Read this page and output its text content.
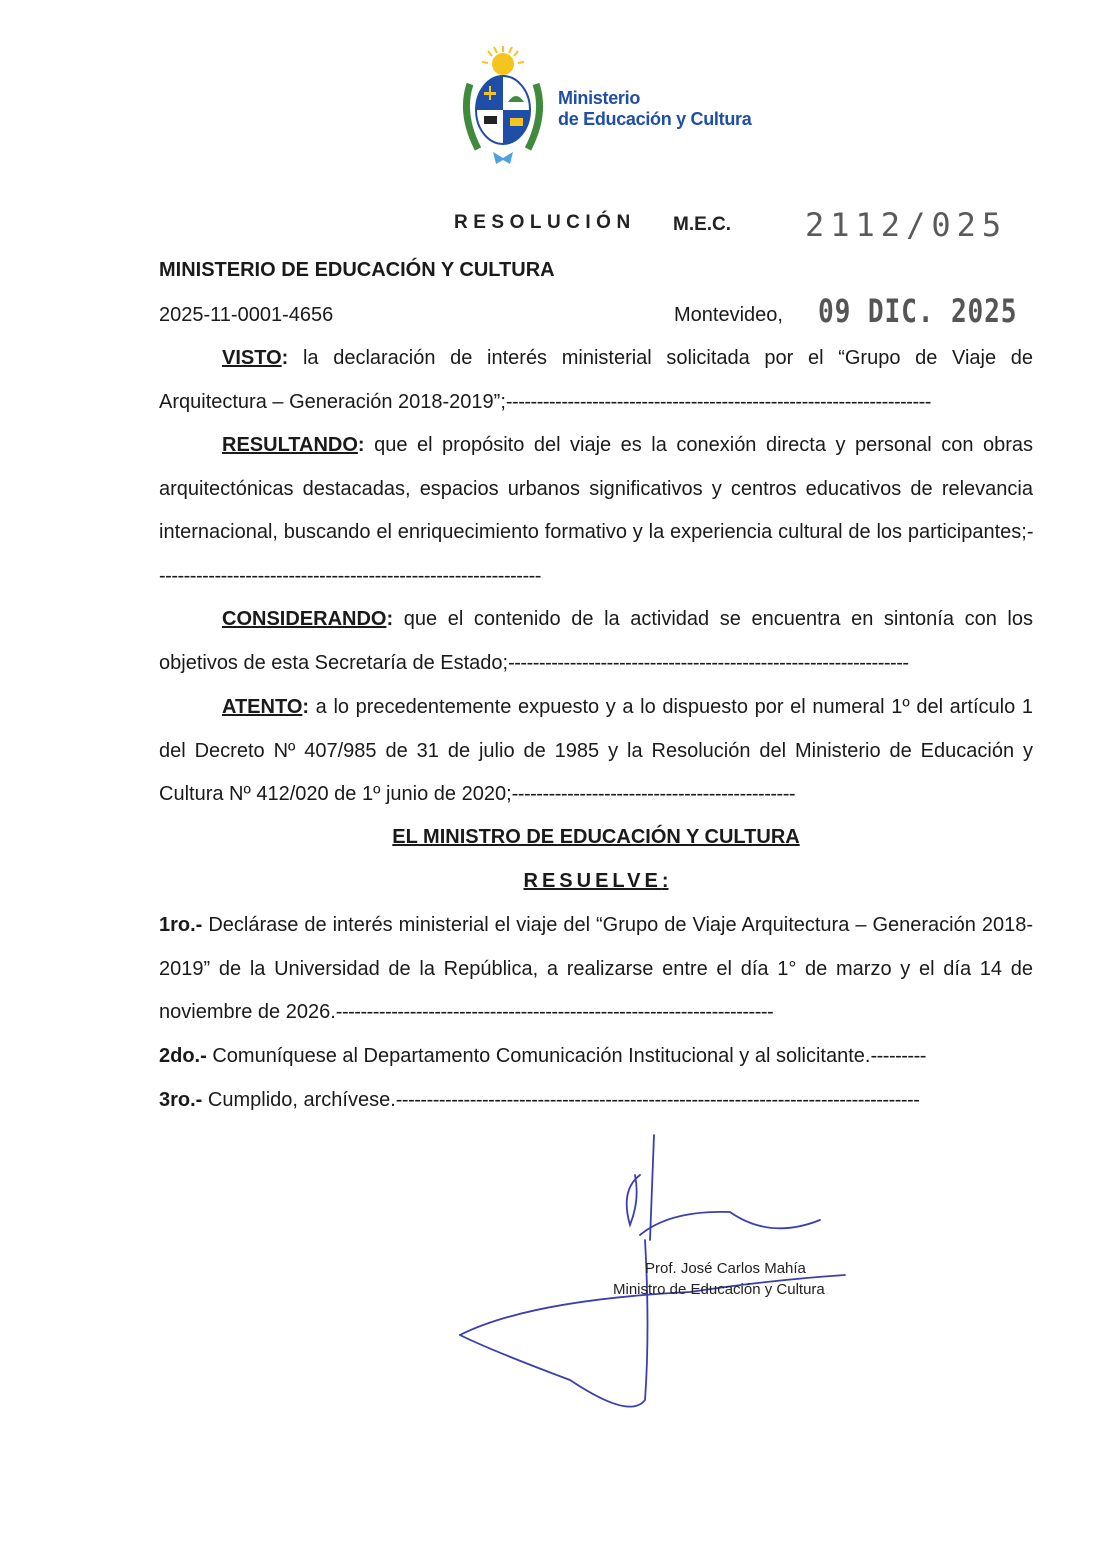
Ministerio
de Educación y Cultura
RESOLUCIÓN M.E.C. 2112/025
MINISTERIO DE EDUCACIÓN Y CULTURA
2025-11-0001-4656	Montevideo, 09 DIC. 2025
VISTO: la declaración de interés ministerial solicitada por el “Grupo de Viaje de Arquitectura – Generación 2018-2019”;---------------------------------------------------------------------
RESULTANDO: que el propósito del viaje es la conexión directa y personal con obras arquitectónicas destacadas, espacios urbanos significativos y centros educativos de relevancia internacional, buscando el enriquecimiento formativo y la experiencia cultural de los participantes;---------------------------------------------------------------
CONSIDERANDO: que el contenido de la actividad se encuentra en sintonía con los objetivos de esta Secretaría de Estado;-----------------------------------------------------------------
ATENTO: a lo precedentemente expuesto y a lo dispuesto por el numeral 1º del artículo 1 del Decreto Nº 407/985 de 31 de julio de 1985 y la Resolución del Ministerio de Educación y Cultura Nº 412/020 de 1º junio de 2020;----------------------------------------------
EL MINISTRO DE EDUCACIÓN Y CULTURA
RESUELVE:
1ro.- Declárase de interés ministerial el viaje del “Grupo de Viaje Arquitectura – Generación 2018-2019” de la Universidad de la República, a realizarse entre el día 1° de marzo y el día 14 de noviembre de 2026.-----------------------------------------------------------------------
2do.- Comuníquese al Departamento Comunicación Institucional y al solicitante.---------
3ro.- Cumplido, archívese.-------------------------------------------------------------------------------------
Prof. José Carlos Mahía
Ministro de Educación y Cultura
